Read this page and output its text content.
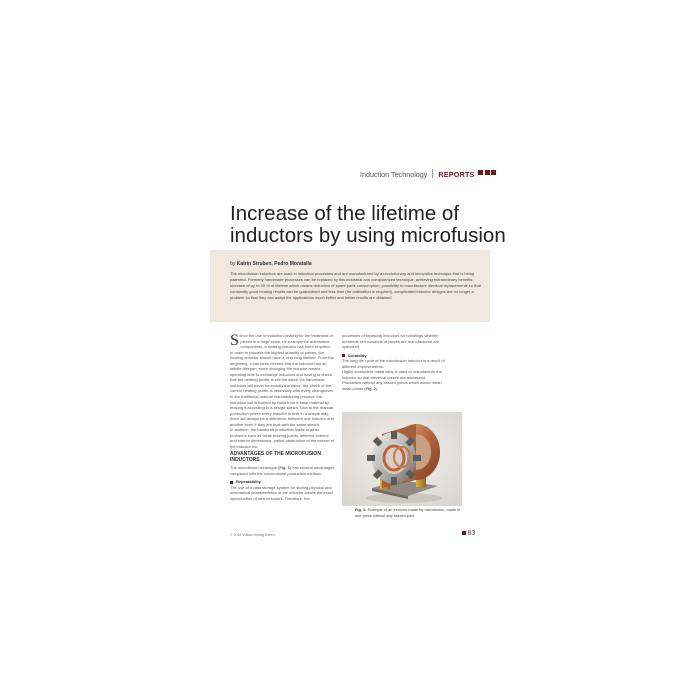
Induction Technology REPORTS
Increase of the lifetime of
inductors by using microfusion
by Katrin Struben, Pedro Moratalla
The microfusion inductors are used in induction processes and are manufactured by a revolutionary and innovative technique that is being patented. Formerly handmade processes can be replaced by this industrial and computerized technique, achieving extraordinary benefits: increase of up to 30 % of lifetime which means reduction of spare parts consumption, possibility to manufacture identical replacements so that constantly good heating results can be guaranteed and less time (for calibration is required), complicated inductor designs are no longer a problem so that they can adapt the applications much better and better results are obtained.

Since the use of induction heating for the treatment of pieces in a large scale, for example for automotive components, a heating inductor has been required. In order to process the highest quantity of pieces, the heating inductor should have a very long lifetime. From the beginning, it has been desired that the inductor had an infinite lifespan, since changing the inductor means spending time to exchange inductors and having to check that the heating profile is still the same. As handmade inductors will never be exactly the same, the check of the correct heating profile is necessary with every changeover.

In the traditional manual manufacturing process, the induction coil is formed by hand from a base material by brazing it according to a design sketch. Due to the manual production where every inductor is built in a unique way, there will always be a difference between one inductor and another even if they are built with the same sketch.

In addition, the handcraft production leads to other problems such as weak brazing points, different exterior and interior dimensions, partial obstruction of the interior of the inductor etc.

ADVANTAGES OF THE MICROFUSION INDUCTORS

The microfusion technique (Fig. 1) has several advantages compared with the conventional production method:

Repeatability

The use of a data storage system for storing physical and mechanical characteristics of the inductor allows the exact reproduction of new inductors. Therefore, the

processes of replacing inductors for handlings wherein hundreds of thousands of pieces are manufactured are optimized.

Durability

The long life cycle of the microfusion inductor is a result of different improvements:

Highly conductive metal alloy is used to manufacture the inductor so that electrical losses are minimized. Production without any brazed points which would mean weak points (Fig. 2).

Fig. 1: Example of an inductor made by microfusion, made in one piece without any brazed joint
© 2010 Vulkan-Verlag Essen	83
